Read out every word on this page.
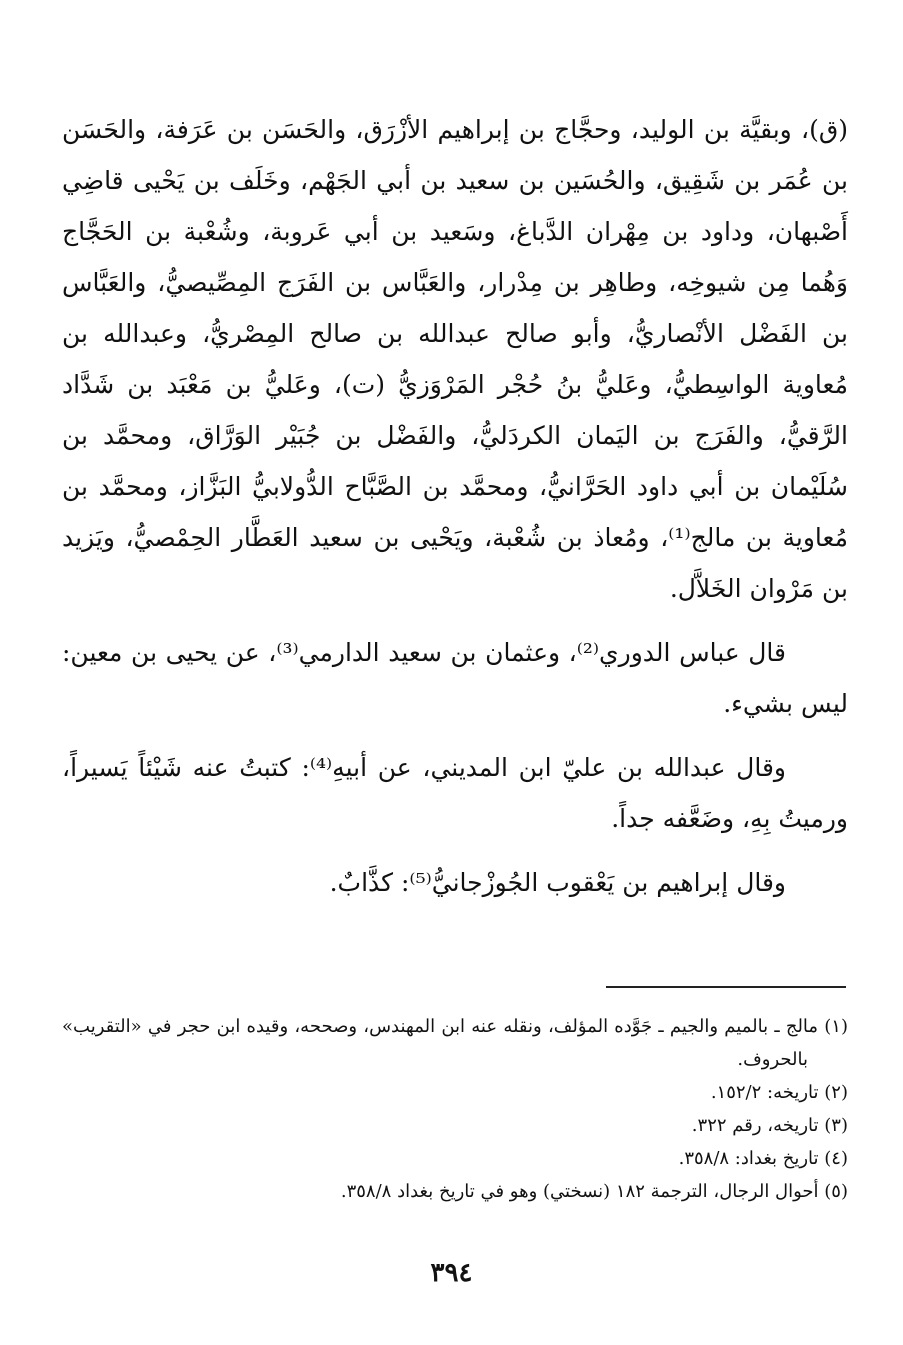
(ق)، وبقيَّة بن الوليد، وحجَّاج بن إبراهيم الأزْرَق، والحَسَن بن عَرَفة، والحَسَن بن عُمَر بن شَقِيق، والحُسَين بن سعيد بن أبي الجَهْم، وخَلَف بن يَحْيى قاضِي أَصْبهان، وداود بن مِهْران الدَّباغ، وسَعيد بن أبي عَروبة، وشُعْبة بن الحَجَّاج وَهُما مِن شيوخِه، وطاهِر بن مِدْرار، والعَبَّاس بن الفَرَج المِصِّيصيُّ، والعَبَّاس بن الفَضْل الأنْصاريُّ، وأبو صالح عبدالله بن صالح المِصْريُّ، وعبدالله بن مُعاوية الواسِطيُّ، وعَليُّ بنُ حُجْر المَرْوَزيُّ (ت)، وعَليُّ بن مَعْبَد بن شَدَّاد الرَّقيُّ، والفَرَج بن اليَمان الكردَليُّ، والفَضْل بن جُبَيْر الوَرَّاق، ومحمَّد بن سُلَيْمان بن أبي داود الحَرَّانيُّ، ومحمَّد بن الصَّبَّاح الدُّولابيُّ البَزَّاز، ومحمَّد بن مُعاوية بن مالج⁽¹⁾، ومُعاذ بن شُعْبة، ويَحْيى بن سعيد العَطَّار الحِمْصيُّ، ويَزيد بن مَرْوان الخَلاَّل.

قال عباس الدوري⁽²⁾، وعثمان بن سعيد الدارمي⁽³⁾، عن يحيى بن معين: ليس بشيء.

وقال عبدالله بن عليّ ابن المديني، عن أبيهِ⁽⁴⁾: كتبتُ عنه شَيْئاً يَسيراً، ورميتُ بِهِ، وضَعَّفه جداً.

وقال إبراهيم بن يَعْقوب الجُوزْجانيُّ⁽⁵⁾: كذَّابٌ.

(١) مالج ـ بالميم والجيم ـ جَوَّده المؤلف، ونقله عنه ابن المهندس، وصححه، وقيده ابن حجر في «التقريب» بالحروف.

(٢) تاريخه: ١٥٢/٢.

(٣) تاريخه، رقم ٣٢٢.

(٤) تاريخ بغداد: ٣٥٨/٨.

(٥) أحوال الرجال، الترجمة ١٨٢ (نسختي) وهو في تاريخ بغداد ٣٥٨/٨.

٣٩٤
